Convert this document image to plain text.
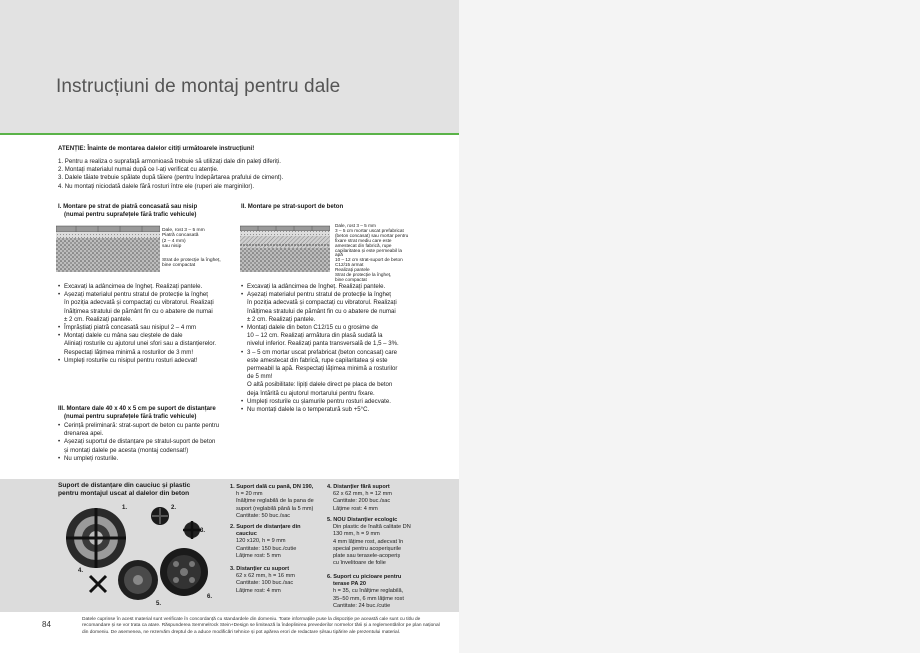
Instrucțiuni de montaj pentru dale
ATENȚIE: Înainte de montarea dalelor citiți următoarele instrucțiuni!
1. Pentru a realiza o suprafață armonioasă trebuie să utilizați dale din paleți diferiți.
2. Montați materialul numai după ce l-ați verificat cu atenție.
3. Dalele tăiate trebuie spălate după tăiere (pentru îndepărtarea prafului de ciment).
4. Nu montați niciodată dalele fără rosturi între ele (ruperi ale marginilor).
I. Montare pe strat de piatră concasată sau nisip
(numai pentru suprafețele fără trafic vehicule)
Dale, rost 3 – 5 mm
Piatră concasată
(2 – 4 mm)
sau nisip
Strat de protecție la îngheț,
bine compactat
• Excavați la adâncimea de îngheț. Realizați pantele.
• Așezați materialul pentru stratul de protecție la îngheț
în poziția adecvată și compactați cu vibratorul. Realizați
înălțimea stratului de pământ fin cu o abatere de numai
± 2 cm. Realizați pantele.
• Împrăștiați piatră concasată sau nisipul 2 – 4 mm
• Montați dalele cu mâna sau cleștele de dale
Aliniați rosturile cu ajutorul unei sfori sau a distanțierelor.
Respectați lățimea minimă a rosturilor de 3 mm!
• Umpleți rosturile cu nisipul pentru rosturi adecvat!
II. Montare pe strat-suport de beton
Dale, rost 3 – 5 mm
3 – 5 cm mortar uscat prefabricat
(beton concasat) sau mortar pentru
fixare strat mediu care este
amestecat din fabrică, rupe
capilaritatea și este permeabil la
apă
10 – 12 cm strat-suport de beton
C12/15 armat
Realizați pantele
Strat de protecție la îngheț,
bine compactat
• Excavați la adâncimea de îngheț. Realizați pantele.
• Așezați materialul pentru stratul de protecție la îngheț
în poziția adecvată și compactați cu vibratorul. Realizați
înălțimea stratului de pământ fin cu o abatere de numai
± 2 cm. Realizați pantele.
• Montați dalele din beton C12/15 cu o grosime de
10 – 12 cm. Realizați armătura din plasă sudată la
nivelul inferior. Realizați panta transversală de 1,5 – 3%.
• 3 – 5 cm mortar uscat prefabricat (beton concasat) care
este amestecat din fabrică, rupe capilaritatea și este
permeabil la apă. Respectați lățimea minimă a rosturilor
de 5 mm!
O altă posibilitate: lipiți dalele direct pe placa de beton
deja întărită cu ajutorul mortarului pentru fixare.
• Umpleți rosturile cu șlamurile pentru rosturi adecvate.
• Nu montați dalele la o temperatură sub +5°C.
III. Montare dale 40 x 40 x 5 cm pe suport de distanțare
(numai pentru suprafețele fără trafic vehicule)
• Cerință preliminară: strat-suport de beton cu pante pentru
drenarea apei.
• Așezați suportul de distanțare pe stratul-suport de beton
și montați dalele pe acesta (montaj codensat!)
• Nu umpleți rosturile.
Suport de distanțare din cauciuc și plastic
pentru montajul uscat al dalelor din beton
1.	2.
3.
4.
5.
6.
1. Suport dală cu pană, DN 190,
h = 20 mm
înălțime reglabilă de la pana de
suport (reglabilă până la 5 mm)
Cantitate: 50 buc./sac
2. Suport de distanțare din
cauciuc
120 x120, h = 9 mm
Cantitate: 150 buc./cutie
Lățime rost: 5 mm
3. Distanțier cu suport
62 x 62 mm, h = 16 mm
Cantitate: 100 buc./sac
Lățime rost: 4 mm
4. Distanțier fără suport
62 x 62 mm, h = 12 mm
Cantitate: 200 buc./sac
Lățime rost: 4 mm
5. NOU Distanțier ecologic
Din plastic de înaltă calitate DN
130 mm, h = 9 mm
4 mm lățime rost, adecvat în
special pentru acoperișurile
plate sau terasele-acoperiș
cu învelitoare de folie
6. Suport cu picioare pentru
terase PA 20
h = 35, cu înălțime reglabilă,
35–50 mm, 6 mm lățime rost
Cantitate: 24 buc./cutie
84
Datele cuprinse în acest material sunt verificate în concordanță cu standardele din domeniu. Toate informațiile puse la dispoziție pe această cale sunt cu titlu de
recomandare și se vor trata ca atare. Răspunderea Semmelrock Stein+Design se limitează la îndeplinirea prevederilor normelor tării și a reglementărilor pe plan național
din domeniu. De asemenea, ne rezervăm dreptul de a aduce modificări tehnice și pot apărea erori de redactare și/sau tipărire ale prezentului material.
